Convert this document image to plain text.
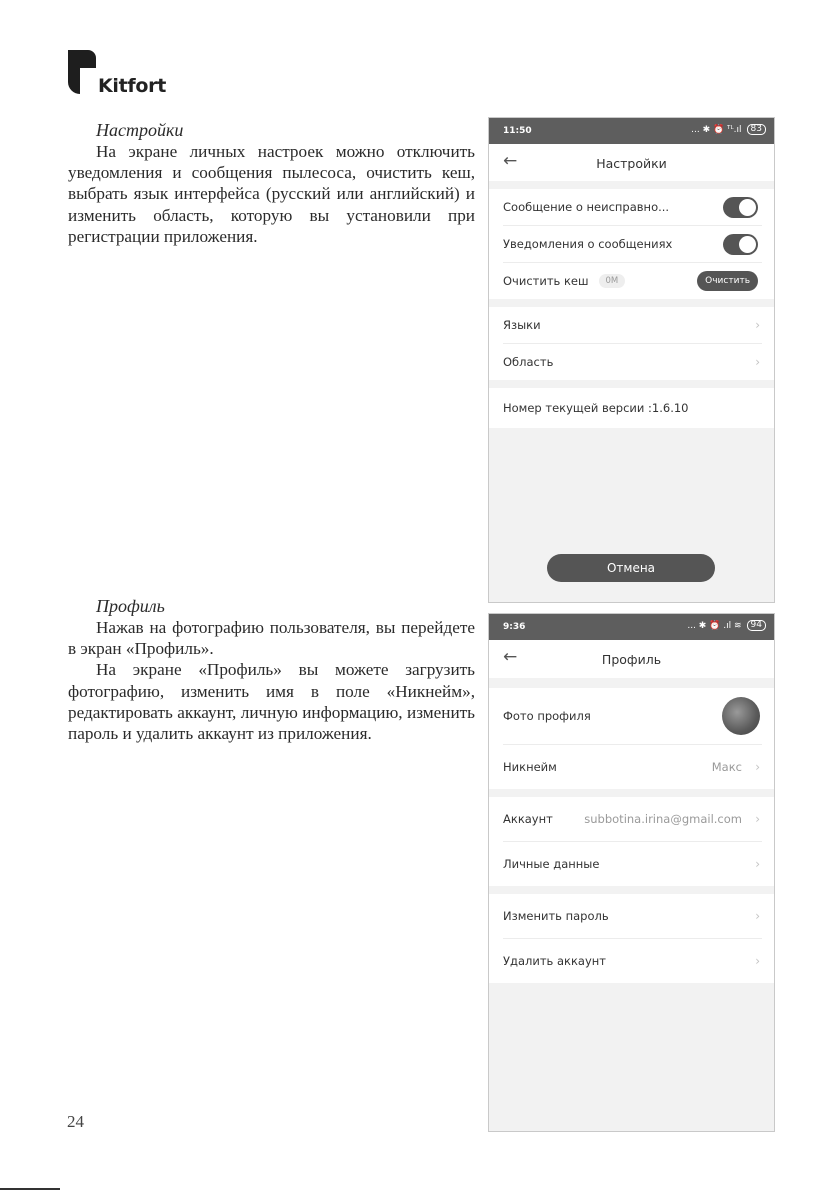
Kitfort
Настройки

На экране личных настроек можно отключить уведомления и сообщения пылесоса, очистить кеш, выбрать язык интерфейса (русский или английский) и изменить область, которую вы установили при регистрации приложения.

Профиль

Нажав на фотографию пользователя, вы перейдете в экран «Профиль».

На экране «Профиль» вы можете загрузить фотографию, изменить имя в поле «Никнейм», редактировать аккаунт, личную информацию, изменить пароль и удалить аккаунт из приложения.

11:50	... ✱ ⏰ ᵀᴸ.ıl	83
←	Настройки
Сообщение о неисправно...
Уведомления о сообщениях
Очистить кеш	0M	Очистить
Языки	›
Область	›
Номер текущей версии :1.6.10
Отмена
9:36	... ✱ ⏰ .ıl ≋	94
←	Профиль
Фото профиля
Никнейм	Макс ›
Аккаунт	subbotina.irina@gmail.com ›
Личные данные	›
Изменить пароль	›
Удалить аккаунт	›
24
